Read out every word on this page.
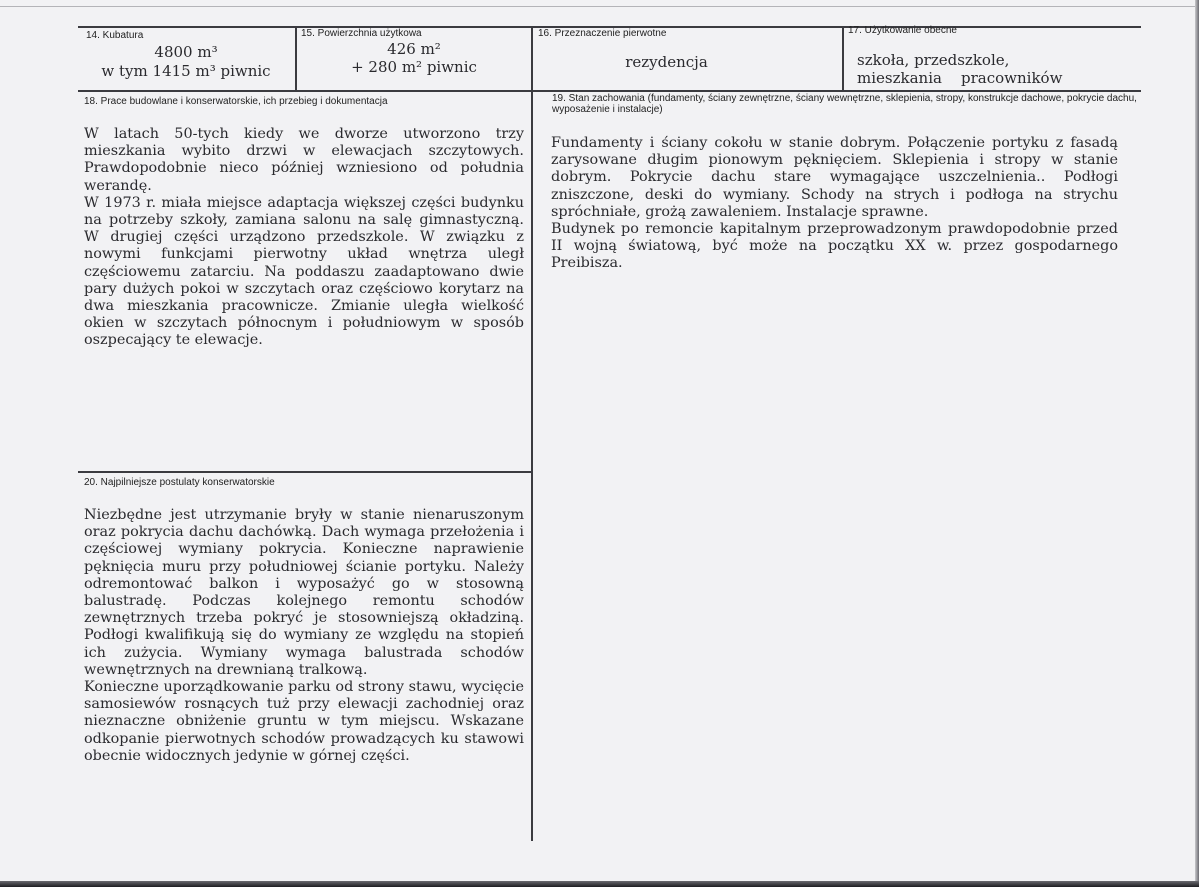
14. Kubatura
4800 m³
w tym 1415 m³ piwnic
15. Powierzchnia użytkowa
426 m²
+ 280 m² piwnic
16. Przeznaczenie pierwotne
rezydencja
17. Użytkowanie obecne
szkoła, przedszkole,
mieszkania    pracowników
18. Prace budowlane i konserwatorskie, ich przebieg i dokumentacja

W latach 50-tych kiedy we dworze utworzono trzy mieszkania wybito drzwi w elewacjach szczytowych. Prawdopodobnie nieco później wzniesiono od południa werandę.

W 1973 r. miała miejsce adaptacja większej części budynku na potrzeby szkoły, zamiana salonu na salę gimnastyczną. W drugiej części urządzono przedszkole. W związku z nowymi funkcjami pierwotny układ wnętrza uległ częściowemu zatarciu. Na poddaszu zaadaptowano dwie pary dużych pokoi w szczytach oraz częściowo korytarz na dwa mieszkania pracownicze. Zmianie uległa wielkość okien w szczytach północnym i południowym w sposób oszpecający te elewacje.

19. Stan zachowania (fundamenty, ściany zewnętrzne, ściany wewnętrzne, sklepienia, stropy, konstrukcje dachowe, pokrycie dachu, wyposażenie i instalacje)

Fundamenty i ściany cokołu w stanie dobrym. Połączenie portyku z fasadą zarysowane długim pionowym pęknięciem. Sklepienia i stropy w stanie dobrym. Pokrycie dachu stare wymagające uszczelnienia.. Podłogi zniszczone, deski do wymiany. Schody na strych i podłoga na strychu spróchniałe, grożą zawaleniem. Instalacje sprawne.

Budynek po remoncie kapitalnym przeprowadzonym prawdopodobnie przed II wojną światową, być może na początku XX w. przez gospodarnego Preibisza.

20. Najpilniejsze postulaty konserwatorskie

Niezbędne jest utrzymanie bryły w stanie nienaruszonym oraz pokrycia dachu dachówką. Dach wymaga przełożenia i częściowej wymiany pokrycia. Konieczne naprawienie pęknięcia muru przy południowej ścianie portyku. Należy odremontować balkon i wyposażyć go w stosowną balustradę. Podczas kolejnego remontu schodów zewnętrznych trzeba pokryć je stosowniejszą okładziną. Podłogi kwalifikują się do wymiany ze względu na stopień ich zużycia. Wymiany wymaga balustrada schodów wewnętrznych na drewnianą tralkową.

Konieczne uporządkowanie parku od strony stawu, wycięcie samosiewów rosnących tuż przy elewacji zachodniej oraz nieznaczne obniżenie gruntu w tym miejscu. Wskazane odkopanie pierwotnych schodów prowadzących ku stawowi obecnie widocznych jedynie w górnej części.
